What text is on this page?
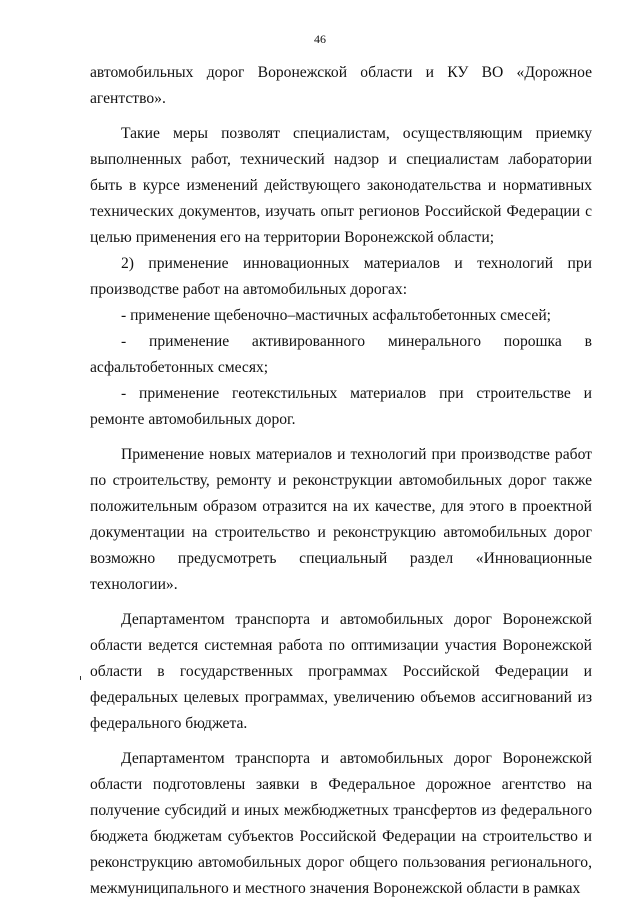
46

автомобильных дорог Воронежской области и КУ ВО «Дорожное агентство».

Такие меры позволят специалистам, осуществляющим приемку выполненных работ, технический надзор и специалистам лаборатории быть в курсе изменений действующего законодательства и нормативных технических документов, изучать опыт регионов Российской Федерации с целью применения его на территории Воронежской области;

2) применение инновационных материалов и технологий при производстве работ на автомобильных дорогах:

- применение щебеночно–мастичных асфальтобетонных смесей;

- применение активированного минерального порошка в
асфальтобетонных смесях;

- применение геотекстильных материалов при строительстве и ремонте автомобильных дорог.

Применение новых материалов и технологий при производстве работ по строительству, ремонту и реконструкции автомобильных дорог также положительным образом отразится на их качестве, для этого в проектной документации на строительство и реконструкцию автомобильных дорог возможно предусмотреть специальный раздел «Инновационные технологии».

Департаментом транспорта и автомобильных дорог Воронежской области ведется системная работа по оптимизации участия Воронежской области в государственных программах Российской Федерации и федеральных целевых программах, увеличению объемов ассигнований из федерального бюджета.

Департаментом транспорта и автомобильных дорог Воронежской области подготовлены заявки в Федеральное дорожное агентство на получение субсидий и иных межбюджетных трансфертов из федерального бюджета бюджетам субъектов Российской Федерации на строительство и реконструкцию автомобильных дорог общего пользования регионального, межмуниципального и местного значения Воронежской области в рамках
